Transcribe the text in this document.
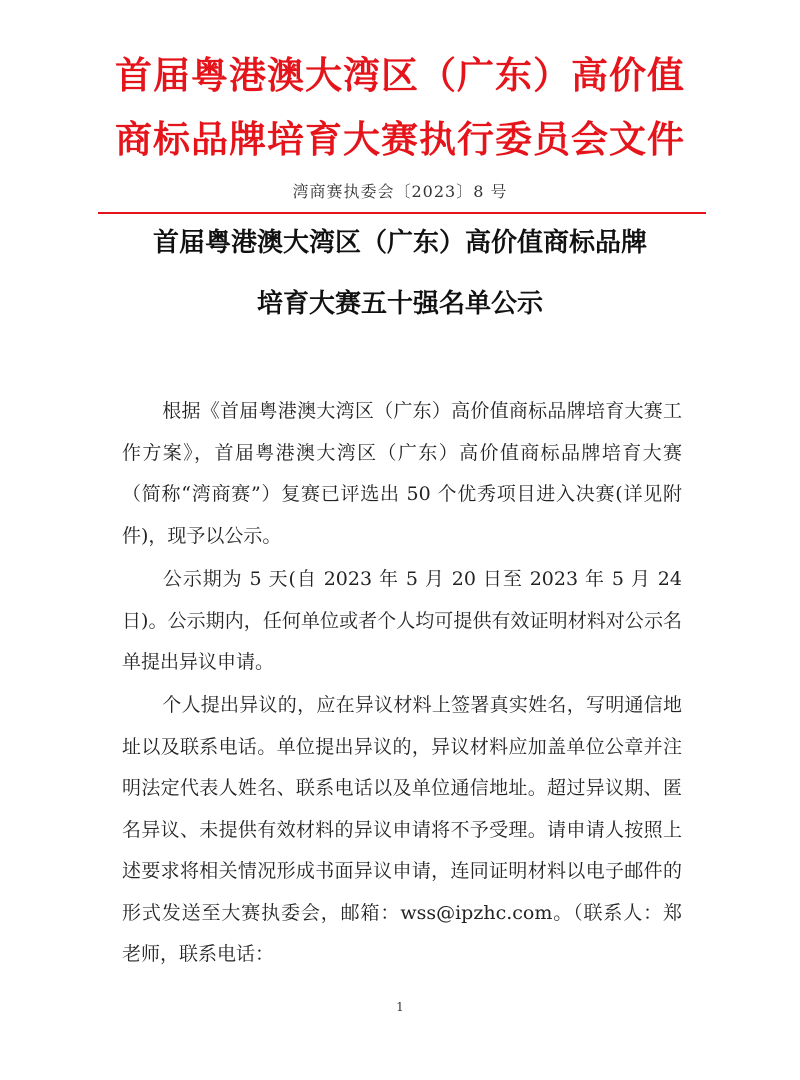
首届粤港澳大湾区（广东）高价值
商标品牌培育大赛执行委员会文件
湾商赛执委会〔2023〕8 号
首届粤港澳大湾区（广东）高价值商标品牌
培育大赛五十强名单公示
根据《首届粤港澳大湾区（广东）高价值商标品牌培育大赛工作方案》，首届粤港澳大湾区（广东）高价值商标品牌培育大赛（简称“湾商赛”）复赛已评选出 50 个优秀项目进入决赛(详见附件)，现予以公示。
公示期为 5 天(自 2023 年 5 月 20 日至 2023 年 5 月 24 日)。公示期内，任何单位或者个人均可提供有效证明材料对公示名单提出异议申请。
个人提出异议的，应在异议材料上签署真实姓名，写明通信地址以及联系电话。单位提出异议的，异议材料应加盖单位公章并注明法定代表人姓名、联系电话以及单位通信地址。超过异议期、匿名异议、未提供有效材料的异议申请将不予受理。请申请人按照上述要求将相关情况形成书面异议申请，连同证明材料以电子邮件的形式发送至大赛执委会，邮箱：wss@ipzhc.com。（联系人：郑老师，联系电话：
1
